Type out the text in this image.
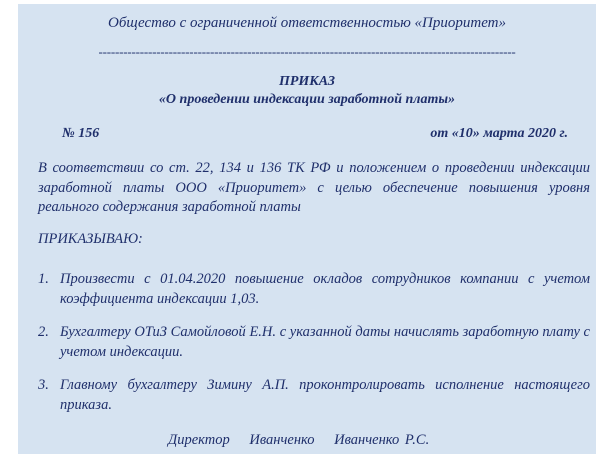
Общество с ограниченной ответственностью «Приоритет»
-----------------------------------------------------------------------------------------------------
ПРИКАЗ
«О проведении индексации заработной платы»
№ 156	от «10» марта 2020 г.
В соответствии со ст. 22, 134 и 136 ТК РФ и положением о проведении индексации заработной платы ООО «Приоритет» с целью обеспечение повышения уровня реального содержания заработной платы
ПРИКАЗЫВАЮ:
1. Произвести с 01.04.2020 повышение окладов сотрудников компании с учетом коэффициента индексации 1,03.
2. Бухгалтеру ОТиЗ Самойловой Е.Н. с указанной даты начислять заработную плату с учетом индексации.
3. Главному бухгалтеру Зимину А.П. проконтролировать исполнение настоящего приказа.
Директор Иванченко Иванченко Р.С.
